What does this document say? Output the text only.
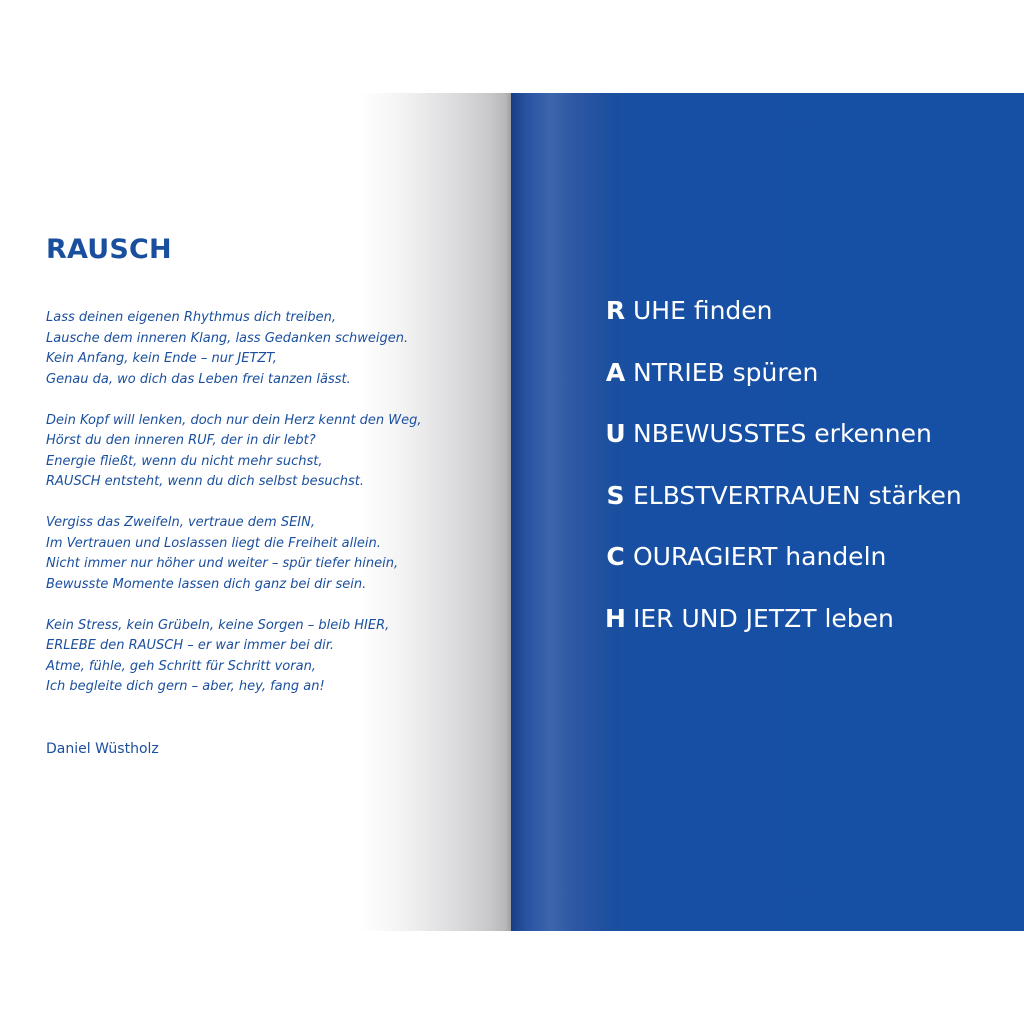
RAUSCH
Lass deinen eigenen Rhythmus dich treiben,
Lausche dem inneren Klang, lass Gedanken schweigen.
Kein Anfang, kein Ende – nur JETZT,
Genau da, wo dich das Leben frei tanzen lässt.
Dein Kopf will lenken, doch nur dein Herz kennt den Weg,
Hörst du den inneren RUF, der in dir lebt?
Energie fließt, wenn du nicht mehr suchst,
RAUSCH entsteht, wenn du dich selbst besuchst.
Vergiss das Zweifeln, vertraue dem SEIN,
Im Vertrauen und Loslassen liegt die Freiheit allein.
Nicht immer nur höher und weiter – spür tiefer hinein,
Bewusste Momente lassen dich ganz bei dir sein.
Kein Stress, kein Grübeln, keine Sorgen – bleib HIER,
ERLEBE den RAUSCH – er war immer bei dir.
Atme, fühle, geh Schritt für Schritt voran,
Ich begleite dich gern – aber, hey, fang an!
Daniel Wüstholz
R UHE finden
A NTRIEB spüren
U NBEWUSSTES erkennen
S ELBSTVERTRAUEN stärken
C OURAGIERT handeln
H IER UND JETZT leben
